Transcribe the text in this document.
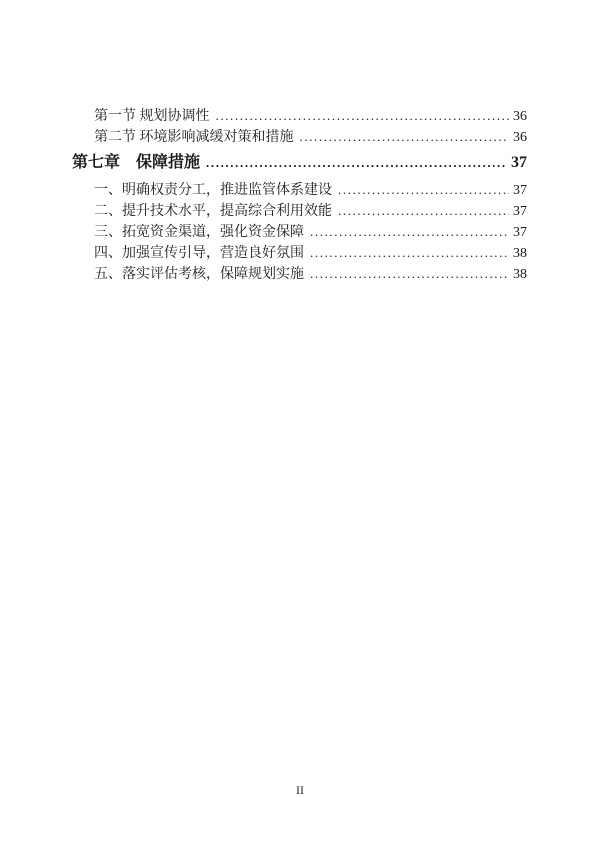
第一节 规划协调性 .....	36
第二节 环境影响减缓对策和措施 .....	36
第七章　保障措施 .....	37
一、明确权责分工，推进监管体系建设 .....	37
二、提升技术水平，提高综合利用效能 .....	37
三、拓宽资金渠道，强化资金保障 .....	37
四、加强宣传引导，营造良好氛围 .....	38
五、落实评估考核，保障规划实施 .....	38
II
